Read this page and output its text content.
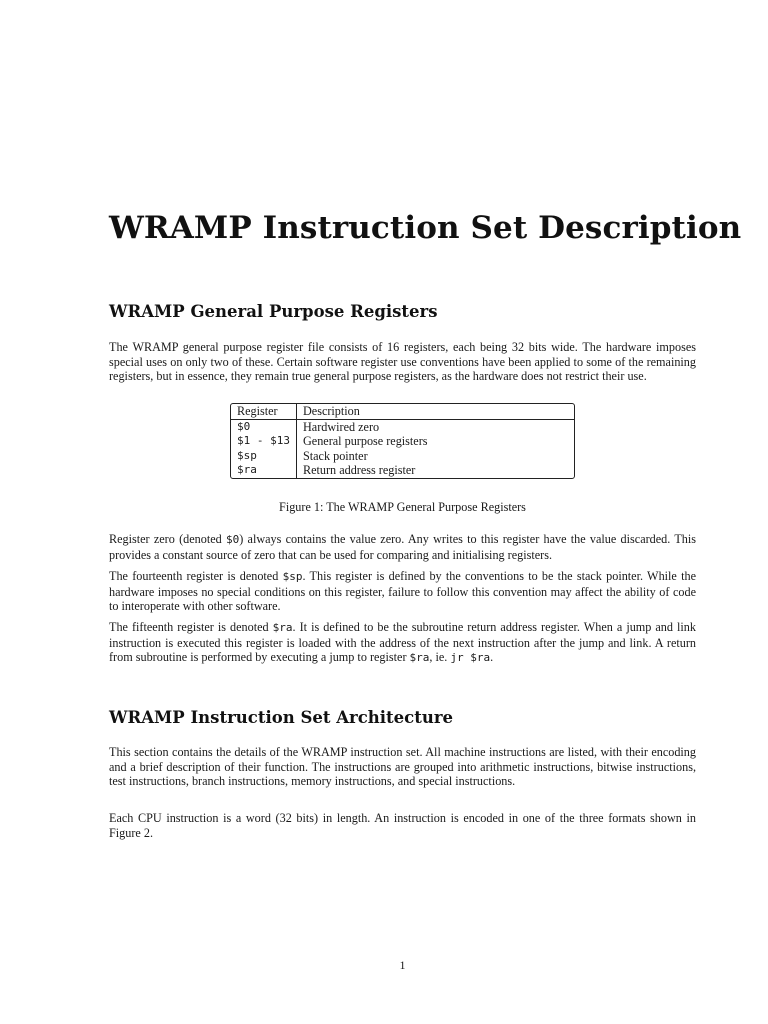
WRAMP Instruction Set Description
WRAMP General Purpose Registers

The WRAMP general purpose register file consists of 16 registers, each being 32 bits wide. The hardware imposes special uses on only two of these. Certain software register use conventions have been applied to some of the remaining registers, but in essence, they remain true general purpose registers, as the hardware does not restrict their use.

Register	Description
$0	Hardwired zero
$1 - $13	General purpose registers
$sp	Stack pointer
$ra	Return address register

Figure 1: The WRAMP General Purpose Registers

Register zero (denoted $0) always contains the value zero. Any writes to this register have the value discarded. This provides a constant source of zero that can be used for comparing and initialising registers.

The fourteenth register is denoted $sp. This register is defined by the conventions to be the stack pointer. While the hardware imposes no special conditions on this register, failure to follow this convention may affect the ability of code to interoperate with other software.

The fifteenth register is denoted $ra. It is defined to be the subroutine return address register. When a jump and link instruction is executed this register is loaded with the address of the next instruction after the jump and link. A return from subroutine is performed by executing a jump to register $ra, ie. jr $ra.

WRAMP Instruction Set Architecture

This section contains the details of the WRAMP instruction set. All machine instructions are listed, with their encoding and a brief description of their function. The instructions are grouped into arithmetic instructions, bitwise instructions, test instructions, branch instructions, memory instructions, and special instructions.

Each CPU instruction is a word (32 bits) in length. An instruction is encoded in one of the three formats shown in Figure 2.

1
